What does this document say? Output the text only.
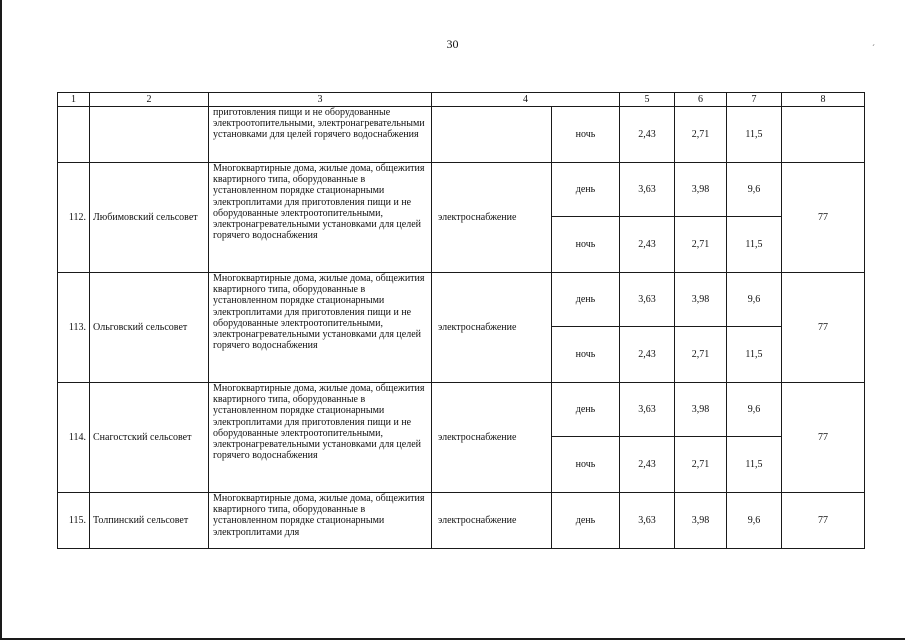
ˊ
30
1	2	3	4		5	6	7	8
		приготовления пищи и не оборудованные электроотопительными, электронагревательными установками для целей горячего водоснабжения		ночь	2,43	2,71	11,5	
112.	Любимовский сельсовет	Многоквартирные дома, жилые дома, общежития квартирного типа, оборудованные в установленном порядке стационарными электроплитами для приготовления пищи и не оборудованные электроотопительными, электронагревательными установками для целей горячего водоснабжения	электроснабжение	день	3,63	3,98	9,6	77
				ночь	2,43	2,71	11,5	
113.	Ольговский сельсовет	Многоквартирные дома, жилые дома, общежития квартирного типа, оборудованные в установленном порядке стационарными электроплитами для приготовления пищи и не оборудованные электроотопительными, электронагревательными установками для целей горячего водоснабжения	электроснабжение	день	3,63	3,98	9,6	77
				ночь	2,43	2,71	11,5	
114.	Снагостский сельсовет	Многоквартирные дома, жилые дома, общежития квартирного типа, оборудованные в установленном порядке стационарными электроплитами для приготовления пищи и не оборудованные электроотопительными, электронагревательными установками для целей горячего водоснабжения	электроснабжение	день	3,63	3,98	9,6	77
				ночь	2,43	2,71	11,5	
115.	Толпинский сельсовет	Многоквартирные дома, жилые дома, общежития квартирного типа, оборудованные в установленном порядке стационарными электроплитами для	электроснабжение	день	3,63	3,98	9,6	77
